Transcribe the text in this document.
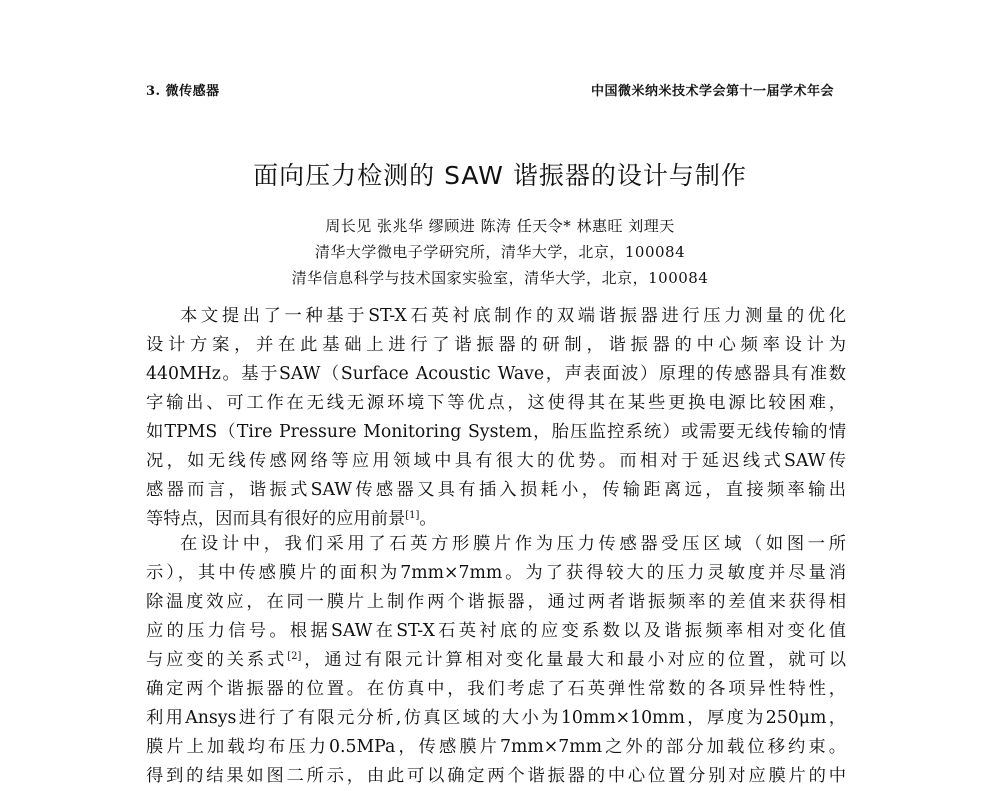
3. 微传感器	中国微米纳米技术学会第十一届学术年会
面向压力检测的 SAW 谐振器的设计与制作
周长见 张兆华 缪顾进 陈涛 任天令* 林惠旺 刘理天
清华大学微电子学研究所，清华大学，北京，100084
清华信息科学与技术国家实验室，清华大学，北京，100084
本文提出了一种基于ST-X石英衬底制作的双端谐振器进行压力测量的优化
设计方案，并在此基础上进行了谐振器的研制，谐振器的中心频率设计为
440MHz。基于SAW（Surface Acoustic Wave，声表面波）原理的传感器具有准数
字输出、可工作在无线无源环境下等优点，这使得其在某些更换电源比较困难，
如TPMS（Tire Pressure Monitoring System，胎压监控系统）或需要无线传输的情
况，如无线传感网络等应用领域中具有很大的优势。而相对于延迟线式SAW传
感器而言，谐振式SAW传感器又具有插入损耗小，传输距离远，直接频率输出
等特点，因而具有很好的应用前景[1]。
在设计中，我们采用了石英方形膜片作为压力传感器受压区域（如图一所
示），其中传感膜片的面积为7mm×7mm。为了获得较大的压力灵敏度并尽量消
除温度效应，在同一膜片上制作两个谐振器，通过两者谐振频率的差值来获得相
应的压力信号。根据SAW在ST-X石英衬底的应变系数以及谐振频率相对变化值
与应变的关系式[2]，通过有限元计算相对变化量最大和最小对应的位置，就可以
确定两个谐振器的位置。在仿真中，我们考虑了石英弹性常数的各项异性特性，
利用Ansys进行了有限元分析,仿真区域的大小为10mm×10mm，厚度为250μm，
膜片上加载均布压力0.5MPa，传感膜片7mm×7mm之外的部分加载位移约束。
得到的结果如图二所示，由此可以确定两个谐振器的中心位置分别对应膜片的中
